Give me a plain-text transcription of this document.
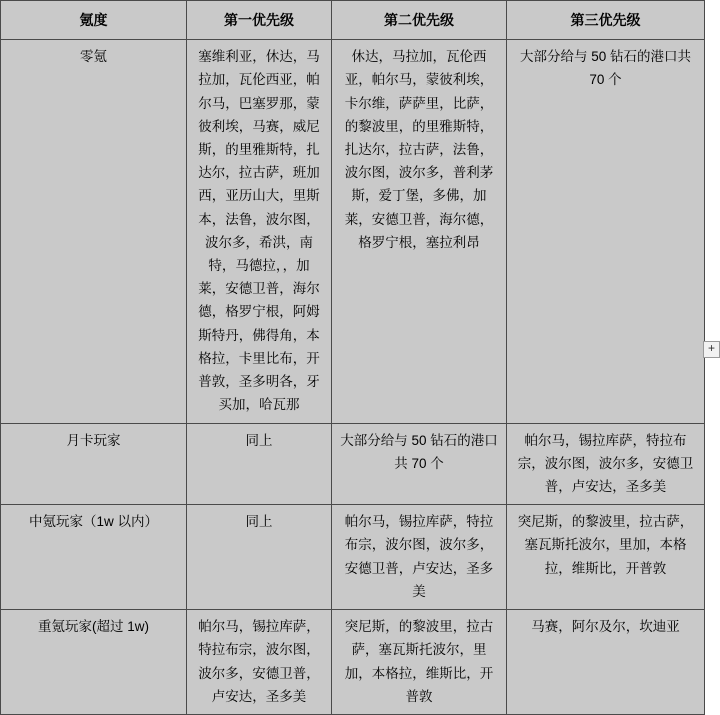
氪度	第一优先级	第二优先级	第三优先级
零氪	塞维利亚，休达，马拉加，瓦伦西亚，帕尔马，巴塞罗那，蒙彼利埃，马赛，威尼斯，的里雅斯特，扎达尔，拉古萨，班加西，亚历山大，里斯本，法鲁，波尔图，波尔多，希洪，南特，马德拉，，加莱，安德卫普，海尔德，格罗宁根，阿姆斯特丹，佛得角，本格拉，卡里比布，开普敦，圣多明各，牙买加，哈瓦那	休达，马拉加，瓦伦西亚，帕尔马，蒙彼利埃，卡尔维，萨萨里，比萨，的黎波里，的里雅斯特，扎达尔，拉古萨，法鲁，波尔图，波尔多，普利茅斯，爱丁堡，多佛，加莱，安德卫普，海尔德，格罗宁根，塞拉利昂	大部分给与 50 钻石的港口共 70 个
月卡玩家	同上	大部分给与 50 钻石的港口共 70 个	帕尔马，锡拉库萨，特拉布宗，波尔图，波尔多，安德卫普，卢安达，圣多美
中氪玩家（1w 以内）	同上	帕尔马，锡拉库萨，特拉布宗，波尔图，波尔多，安德卫普，卢安达，圣多美	突尼斯，的黎波里，拉古萨，塞瓦斯托波尔，里加，本格拉，维斯比，开普敦
重氪玩家(超过 1w)	帕尔马，锡拉库萨，特拉布宗，波尔图，波尔多，安德卫普，卢安达，圣多美	突尼斯，的黎波里，拉古萨，塞瓦斯托波尔，里加，本格拉，维斯比，开普敦	马赛，阿尔及尔，坎迪亚
+
